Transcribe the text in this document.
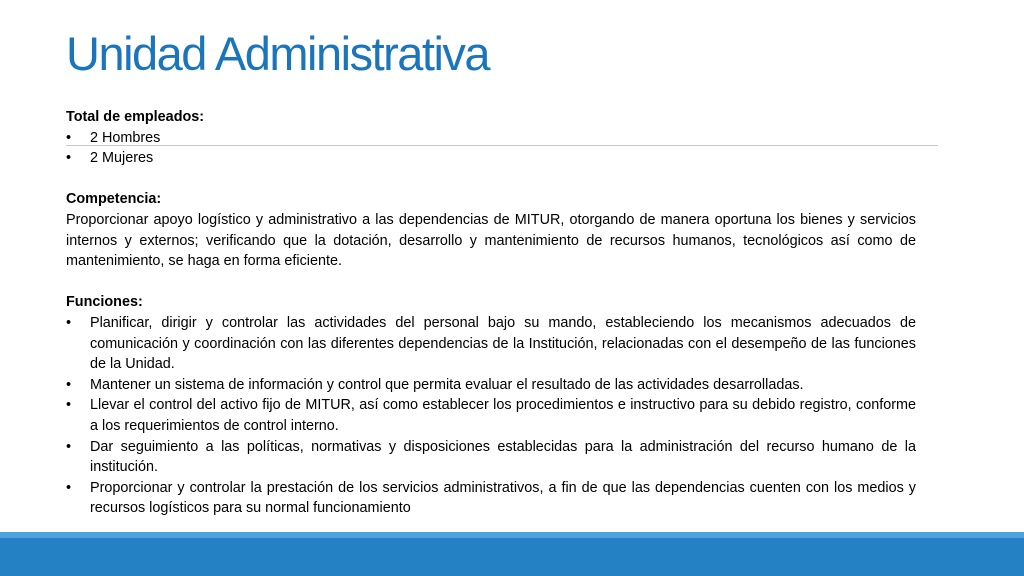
Unidad Administrativa
Total de empleados:
• 2 Hombres
• 2 Mujeres
Competencia:
Proporcionar apoyo logístico y administrativo a las dependencias de MITUR, otorgando de manera oportuna los bienes y servicios internos y externos; verificando que la dotación, desarrollo y mantenimiento de recursos humanos, tecnológicos así como de mantenimiento, se haga en forma eficiente.
Funciones:
• Planificar, dirigir y controlar las actividades del personal bajo su mando, estableciendo los mecanismos adecuados de comunicación y coordinación con las diferentes dependencias de la Institución, relacionadas con el desempeño de las funciones de la Unidad.
• Mantener un sistema de información y control que permita evaluar el resultado de las actividades desarrolladas.
• Llevar el control del activo fijo de MITUR, así como establecer los procedimientos e instructivo para su debido registro, conforme a los requerimientos de control interno.
• Dar seguimiento a las políticas, normativas y disposiciones establecidas para la administración del recurso humano de la institución.
• Proporcionar y controlar la prestación de los servicios administrativos, a fin de que las dependencias cuenten con los medios y recursos logísticos para su normal funcionamiento
